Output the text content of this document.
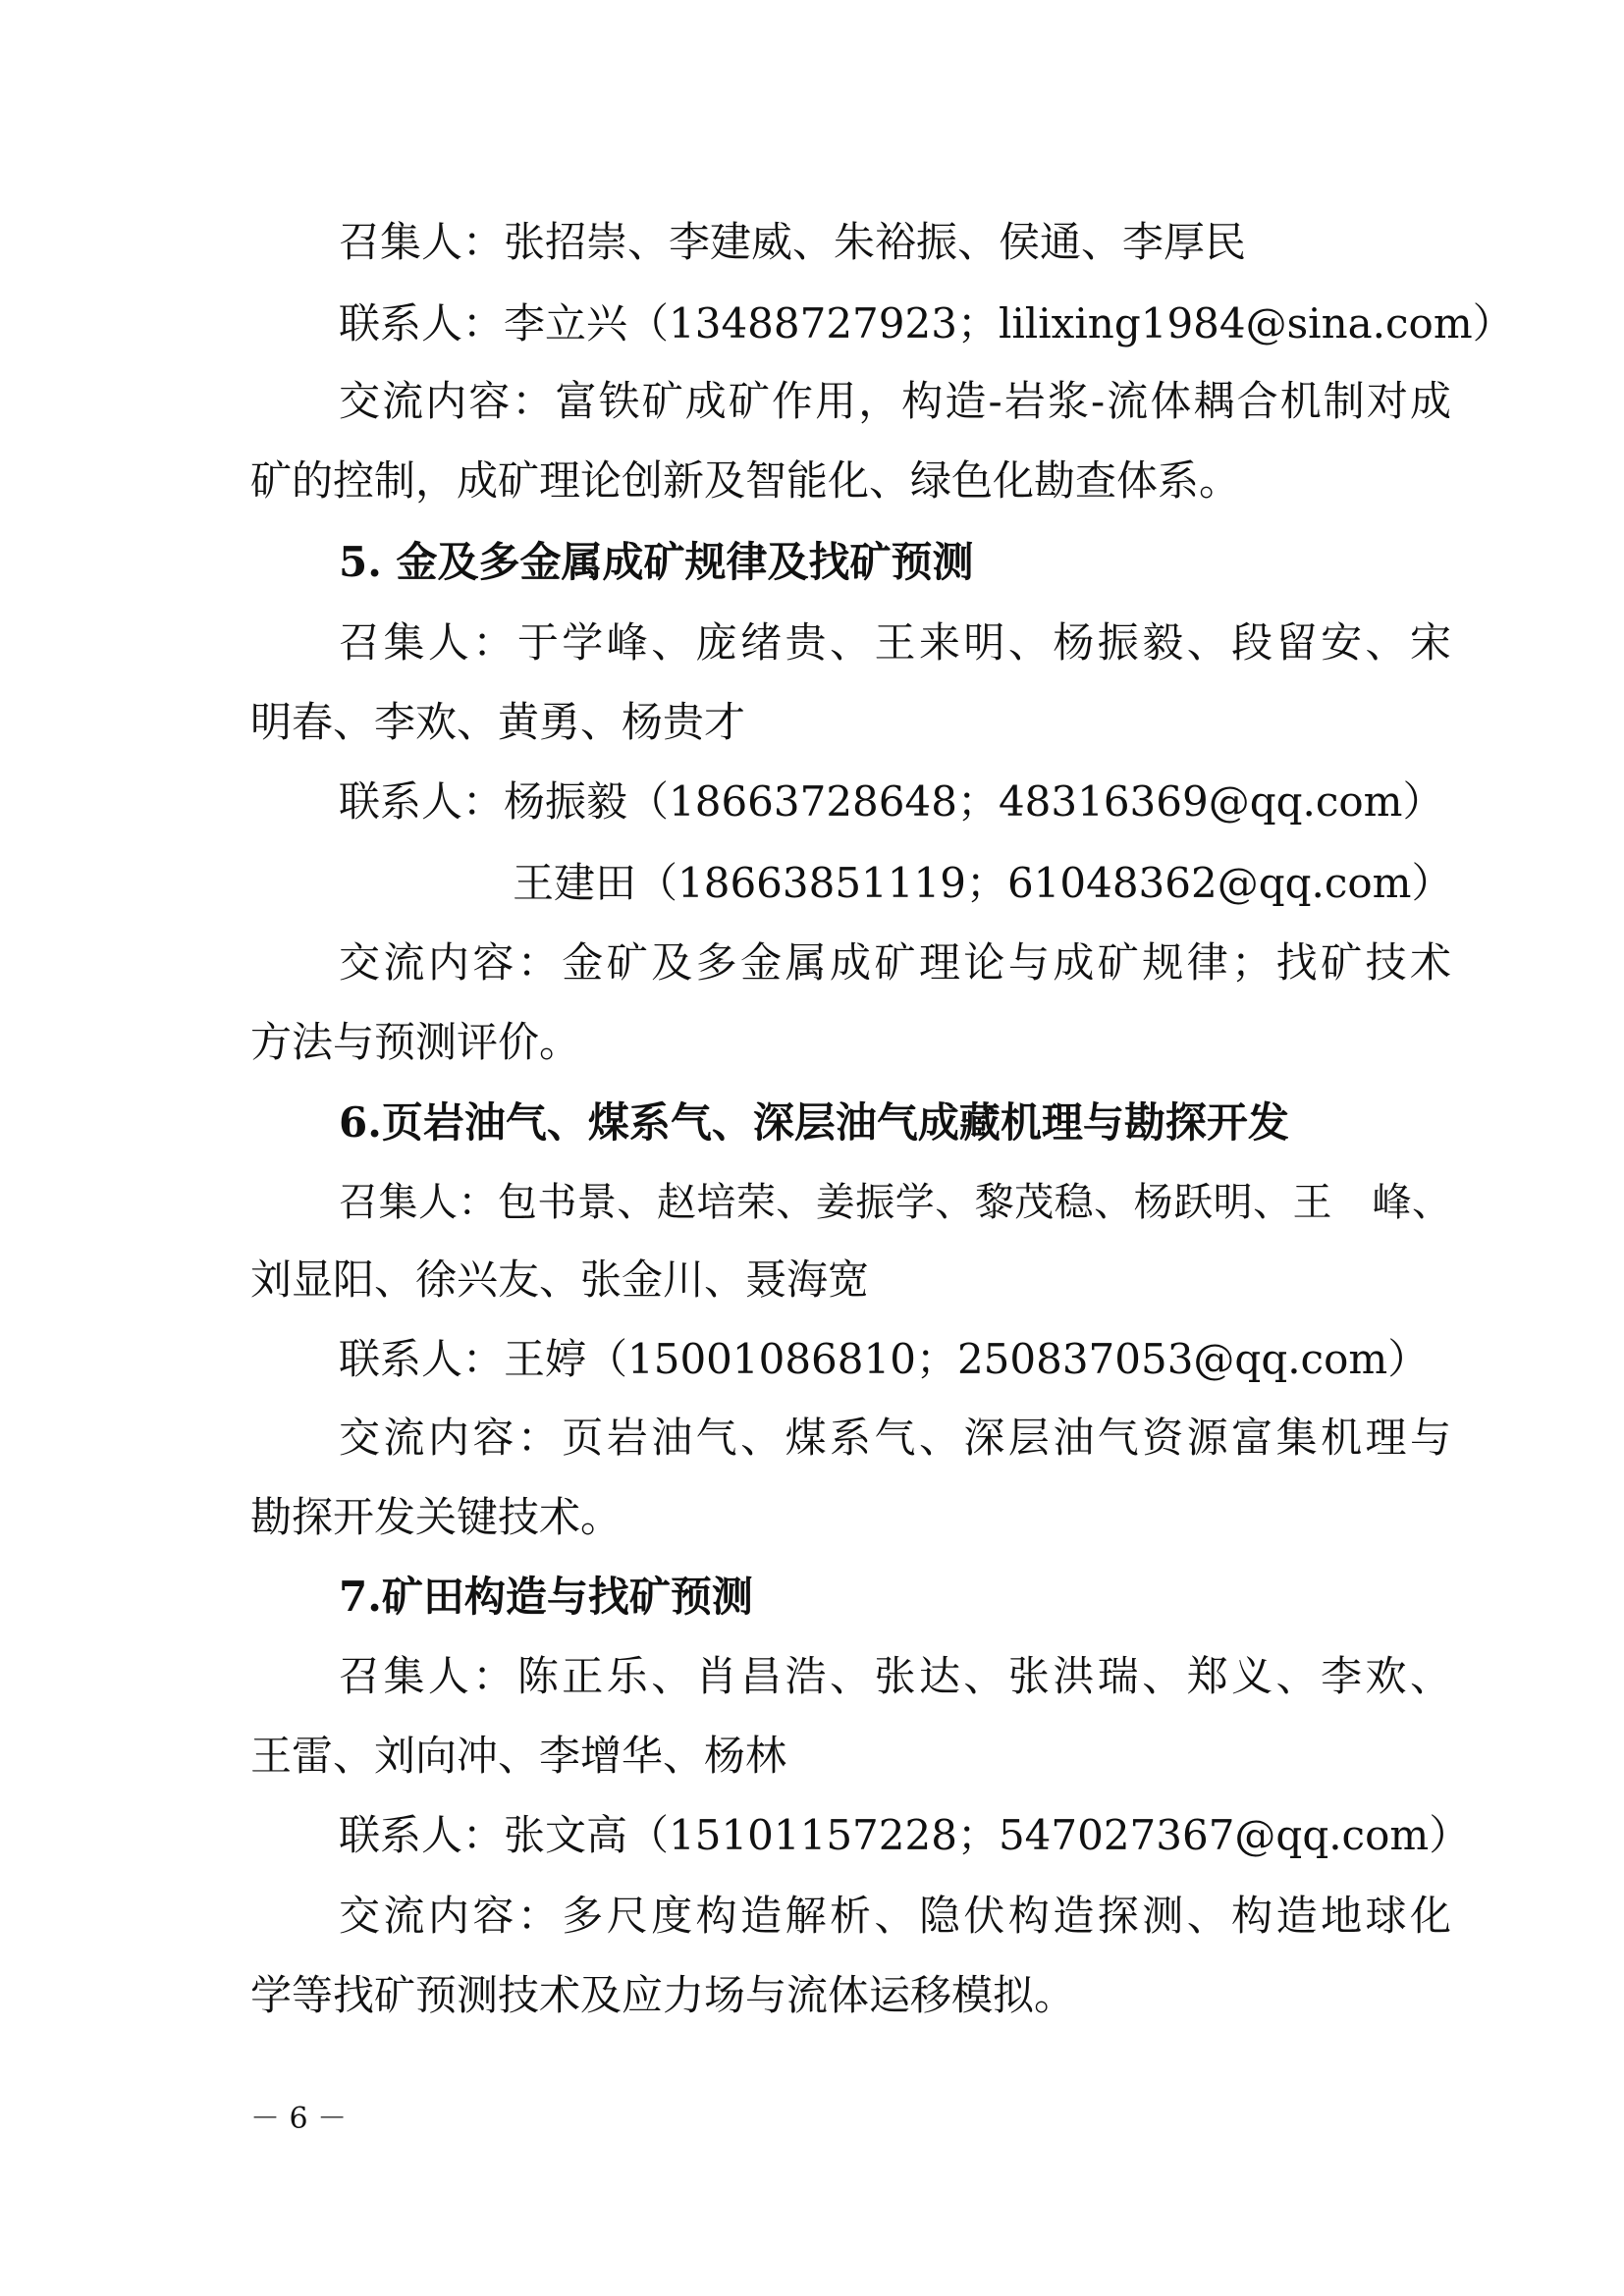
召集人：张招崇、李建威、朱裕振、侯通、李厚民
联系人：李立兴（13488727923；lilixing1984@sina.com）
交流内容：富铁矿成矿作用，构造-岩浆-流体耦合机制对成
矿的控制，成矿理论创新及智能化、绿色化勘查体系。
5. 金及多金属成矿规律及找矿预测
召集人：于学峰、庞绪贵、王来明、杨振毅、段留安、宋
明春、李欢、黄勇、杨贵才
联系人：杨振毅（18663728648；48316369@qq.com）
王建田（18663851119；61048362@qq.com）
交流内容：金矿及多金属成矿理论与成矿规律；找矿技术
方法与预测评价。
6.页岩油气、煤系气、深层油气成藏机理与勘探开发
召集人：包书景、赵培荣、姜振学、黎茂稳、杨跃明、王　峰、
刘显阳、徐兴友、张金川、聂海宽
联系人：王婷（15001086810；250837053@qq.com）
交流内容：页岩油气、煤系气、深层油气资源富集机理与
勘探开发关键技术。
7.矿田构造与找矿预测
召集人：陈正乐、肖昌浩、张达、张洪瑞、郑义、李欢、
王雷、刘向冲、李增华、杨林
联系人：张文高（15101157228；547027367@qq.com）
交流内容：多尺度构造解析、隐伏构造探测、构造地球化
学等找矿预测技术及应力场与流体运移模拟。
－ 6 －
